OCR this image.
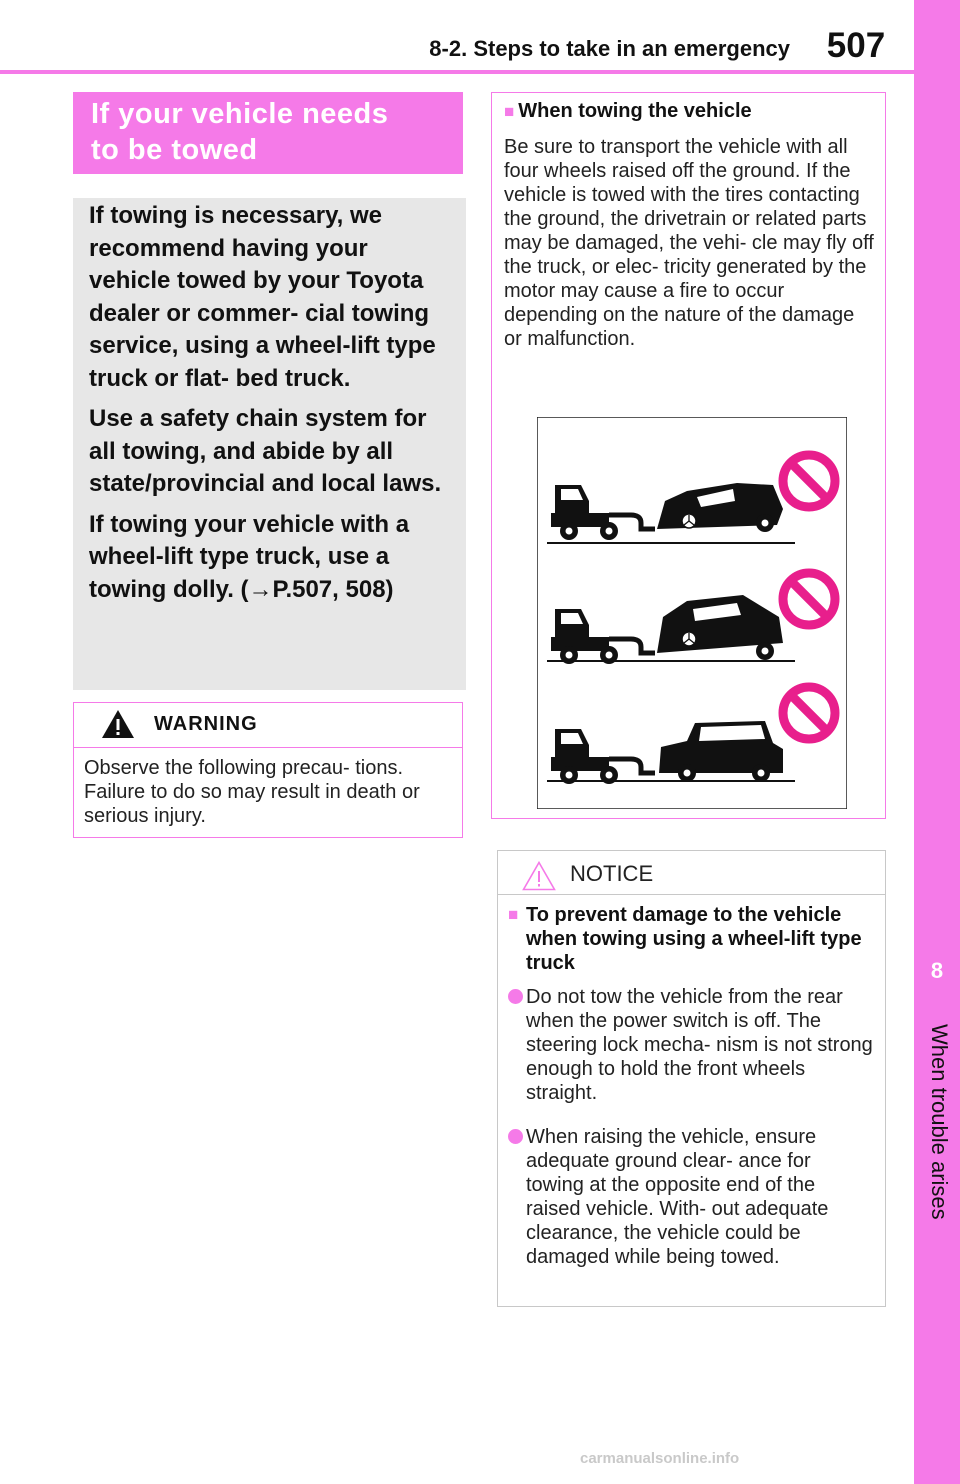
8-2. Steps to take in an emergency	507
8
When trouble arises
If your vehicle needs
to be towed

If towing is necessary, we recommend having your vehicle towed by your Toyota dealer or commer- cial towing service, using a wheel-lift type truck or flat- bed truck.

Use a safety chain system for all towing, and abide by all state/provincial and local laws.

If towing your vehicle with a wheel-lift type truck, use a towing dolly. (→P.507, 508)

WARNING
Observe the following precau- tions. Failure to do so may result in death or serious injury.
■ When towing the vehicle
Be sure to transport the vehicle with all four wheels raised off the ground. If the vehicle is towed with the tires contacting the ground, the drivetrain or related parts may be damaged, the vehi- cle may fly off the truck, or elec- tricity generated by the motor may cause a fire to occur depending on the nature of the damage or malfunction.
NOTICE
■ To prevent damage to the vehicle when towing using a wheel-lift type truck
Do not tow the vehicle from the rear when the power switch is off. The steering lock mecha- nism is not strong enough to hold the front wheels straight.
When raising the vehicle, ensure adequate ground clear- ance for towing at the opposite end of the raised vehicle. With- out adequate clearance, the vehicle could be damaged while being towed.
carmanualsonline.info
